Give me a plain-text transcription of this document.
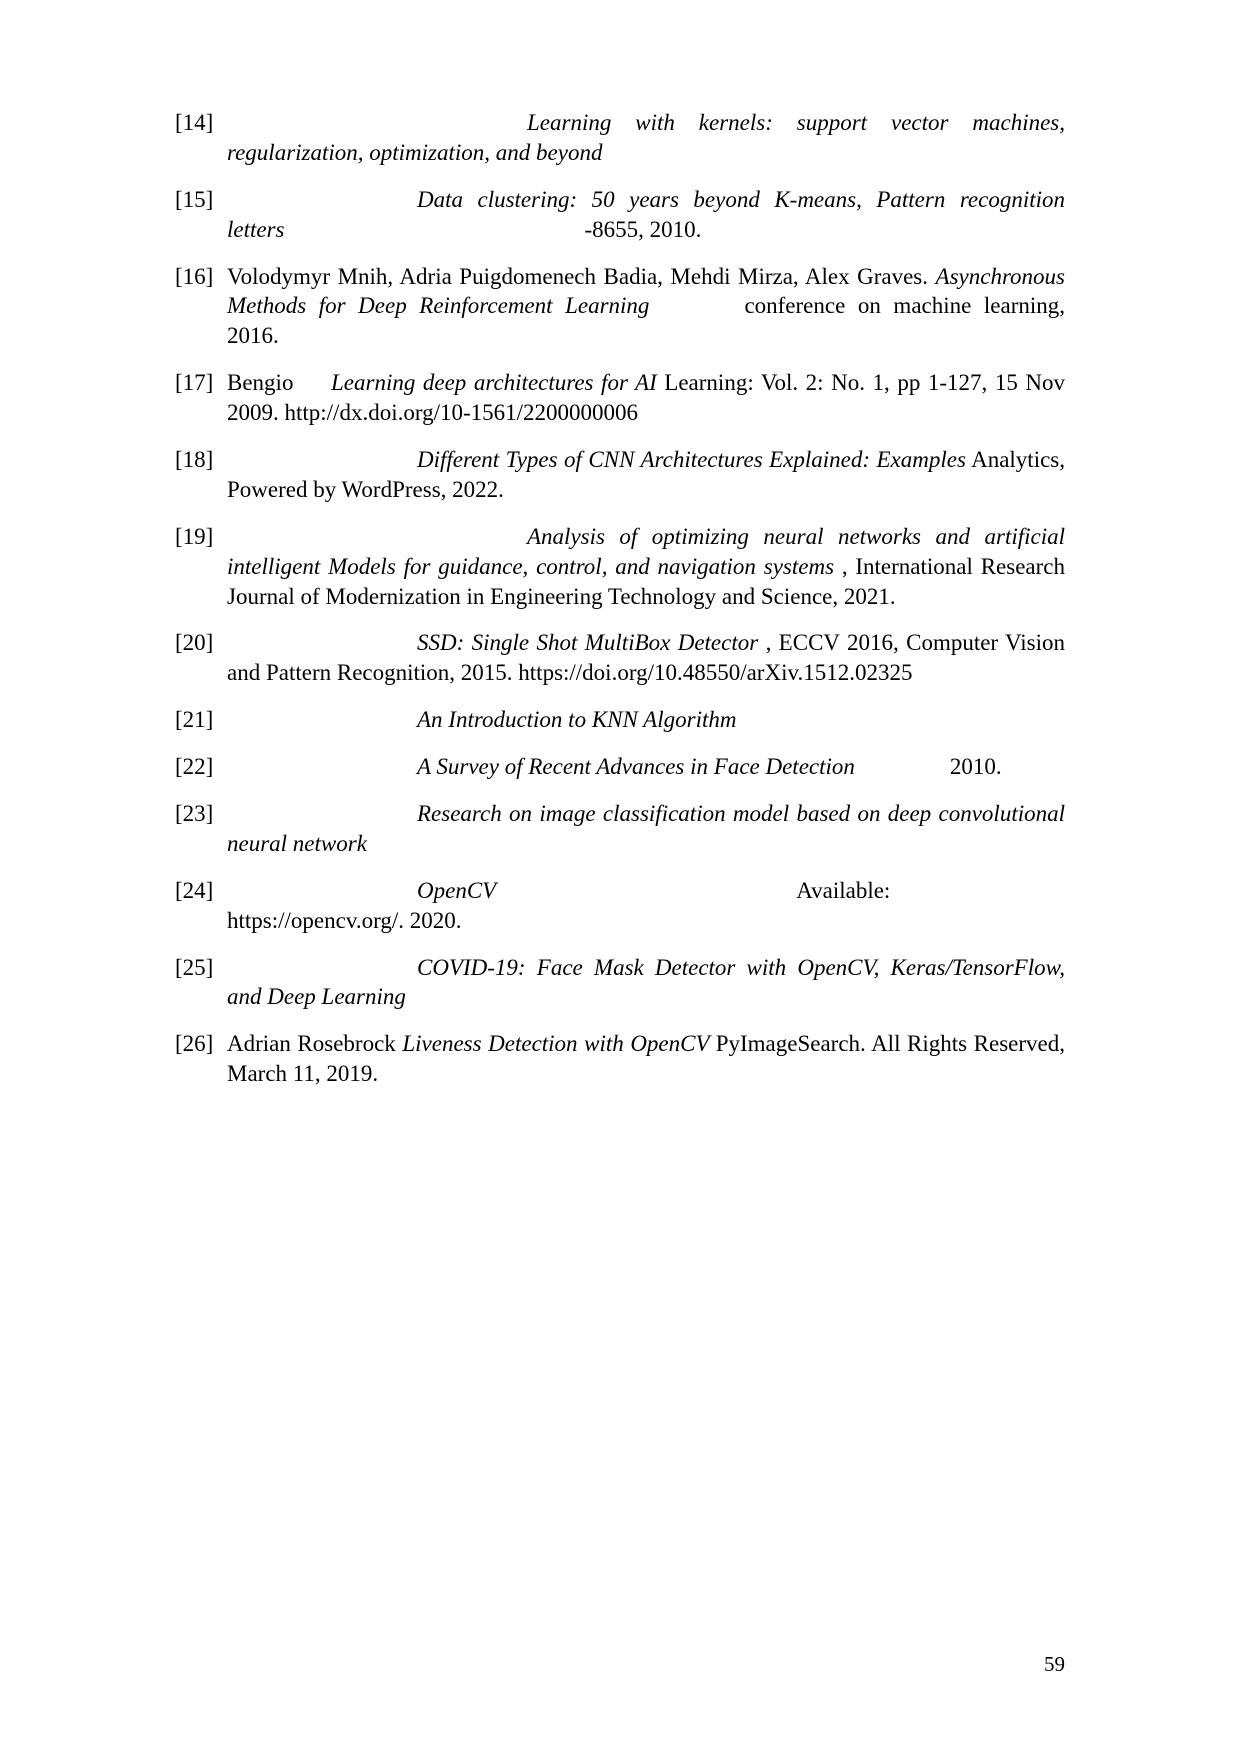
[14]	Learning with kernels: support vector machines, regularization, optimization, and beyond
[15]	Data clustering: 50 years beyond K-means, Pattern recognition letters	-8655, 2010.
[16] Volodymyr Mnih, Adria Puigdomenech Badia, Mehdi Mirza, Alex Graves. Asynchronous Methods for Deep Reinforcement Learning	conference on machine learning, 2016.
[17] Bengio  Learning deep architectures for AI Learning: Vol. 2: No. 1, pp 1-127, 15 Nov 2009. http://dx.doi.org/10-1561/2200000006
[18]	Different Types of CNN Architectures Explained: Examples Analytics, Powered by WordPress, 2022.
[19]	Analysis of optimizing neural networks and artificial intelligent Models for guidance, control, and navigation systems , International Research Journal of Modernization in Engineering Technology and Science, 2021.
[20]	SSD: Single Shot MultiBox Detector , ECCV 2016, Computer Vision and Pattern Recognition, 2015. https://doi.org/10.48550/arXiv.1512.02325
[21]	An Introduction to KNN Algorithm
[22]	A Survey of Recent Advances in Face Detection	2010.
[23]	Research on image classification model based on deep convolutional neural network
[24]	OpenCV	Available: https://opencv.org/. 2020.
[25]	COVID-19: Face Mask Detector with OpenCV, Keras/TensorFlow, and Deep Learning
[26] Adrian Rosebrock Liveness Detection with OpenCV PyImageSearch. All Rights Reserved, March 11, 2019.
59
